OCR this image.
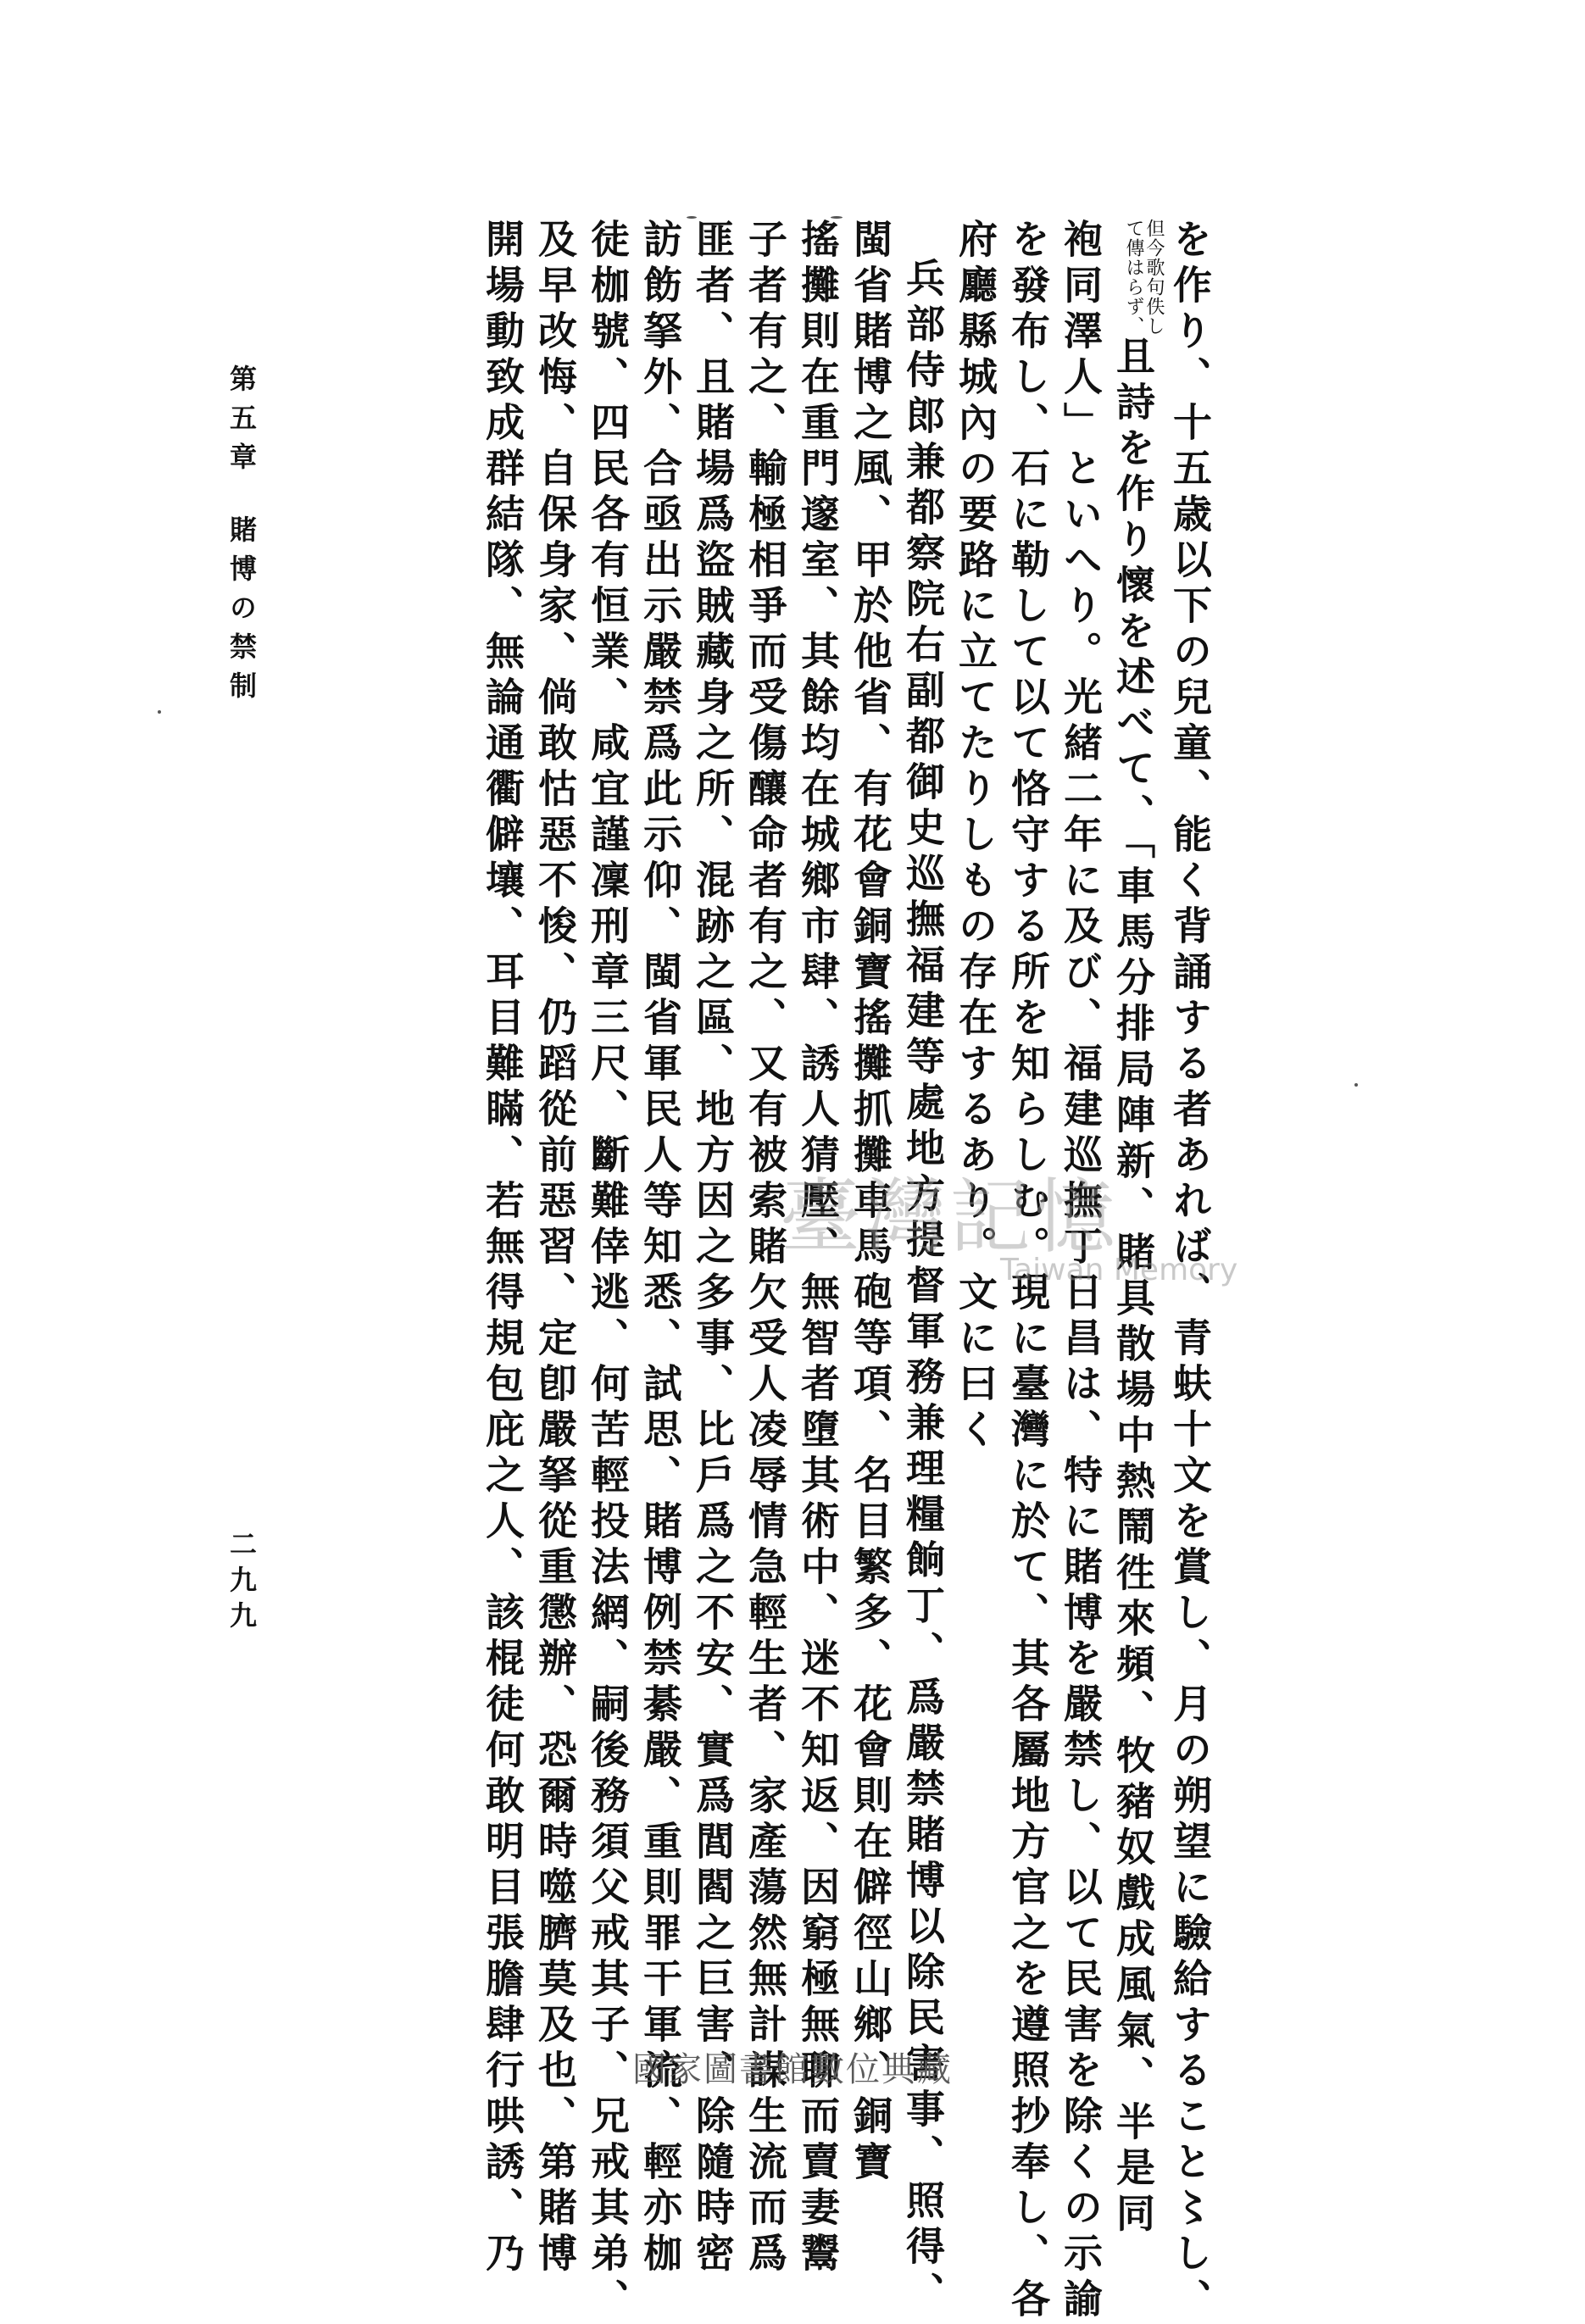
を作り、十五歳以下の兒童、能く背誦する者あれば、青蚨十文を賞し、月の朔望に驗給すること〻し、

但今歌句佚し
て傳はらず、
且詩を作り懷を述べて、「車馬分排局陣新、賭具散場中熱鬧徃來頻、牧豬奴戲成風氣、半是同

袍同澤人」といへり。光緒二年に及び、福建巡撫丁日昌は、特に賭博を嚴禁し、以て民害を除くの示諭

を發布し、石に勒して以て恪守する所を知らしむ。現に臺灣に於て、其各屬地方官之を遵照抄奉し、各

府廳縣城內の要路に立てたりしもの存在するあり。文に曰く

兵部侍郎兼都察院右副都御史巡撫福建等處地方提督軍務兼理糧餉丁、爲嚴禁賭博以除民害事、照得、

閩省賭博之風、甲於他省、有花會銅寶搖攤抓攤車馬砲等項、名目繁多、花會則在僻徑山鄉、銅寶

搖攤則在重門邃室、其餘均在城鄉市肆、誘人猜壓、無智者墮其術中、迷不知返、因窮極無聊而賣妻鬻

子者有之、輸極相爭而受傷釀命者有之、又有被索賭欠受人凌辱情急輕生者、家產蕩然無計謀生流而爲

匪者、且賭場爲盜賊藏身之所、混跡之區、地方因之多事、比戶爲之不安、實爲閭閻之巨害、除隨時密

訪飭拏外、合亟出示嚴禁爲此示仰、閩省軍民人等知悉、試思、賭博例禁綦嚴、重則罪干軍流、輕亦枷

徒枷號、四民各有恒業、咸宜謹凜刑章三尺、斷難倖逃、何苦輕投法網、嗣後務須父戒其子、兄戒其弟、

及早改悔、自保身家、倘敢怙惡不悛、仍蹈從前惡習、定卽嚴拏從重懲辦、恐爾時噬臍莫及也、第賭博

開場動致成群結隊、無論通衢僻壤、耳目難瞞、若無得規包庇之人、該棍徒何敢明目張膽肆行哄誘、乃

第五章賭博の禁制
二九九
臺灣記憶
Taiwan Memory
國家圖書館數位典藏
